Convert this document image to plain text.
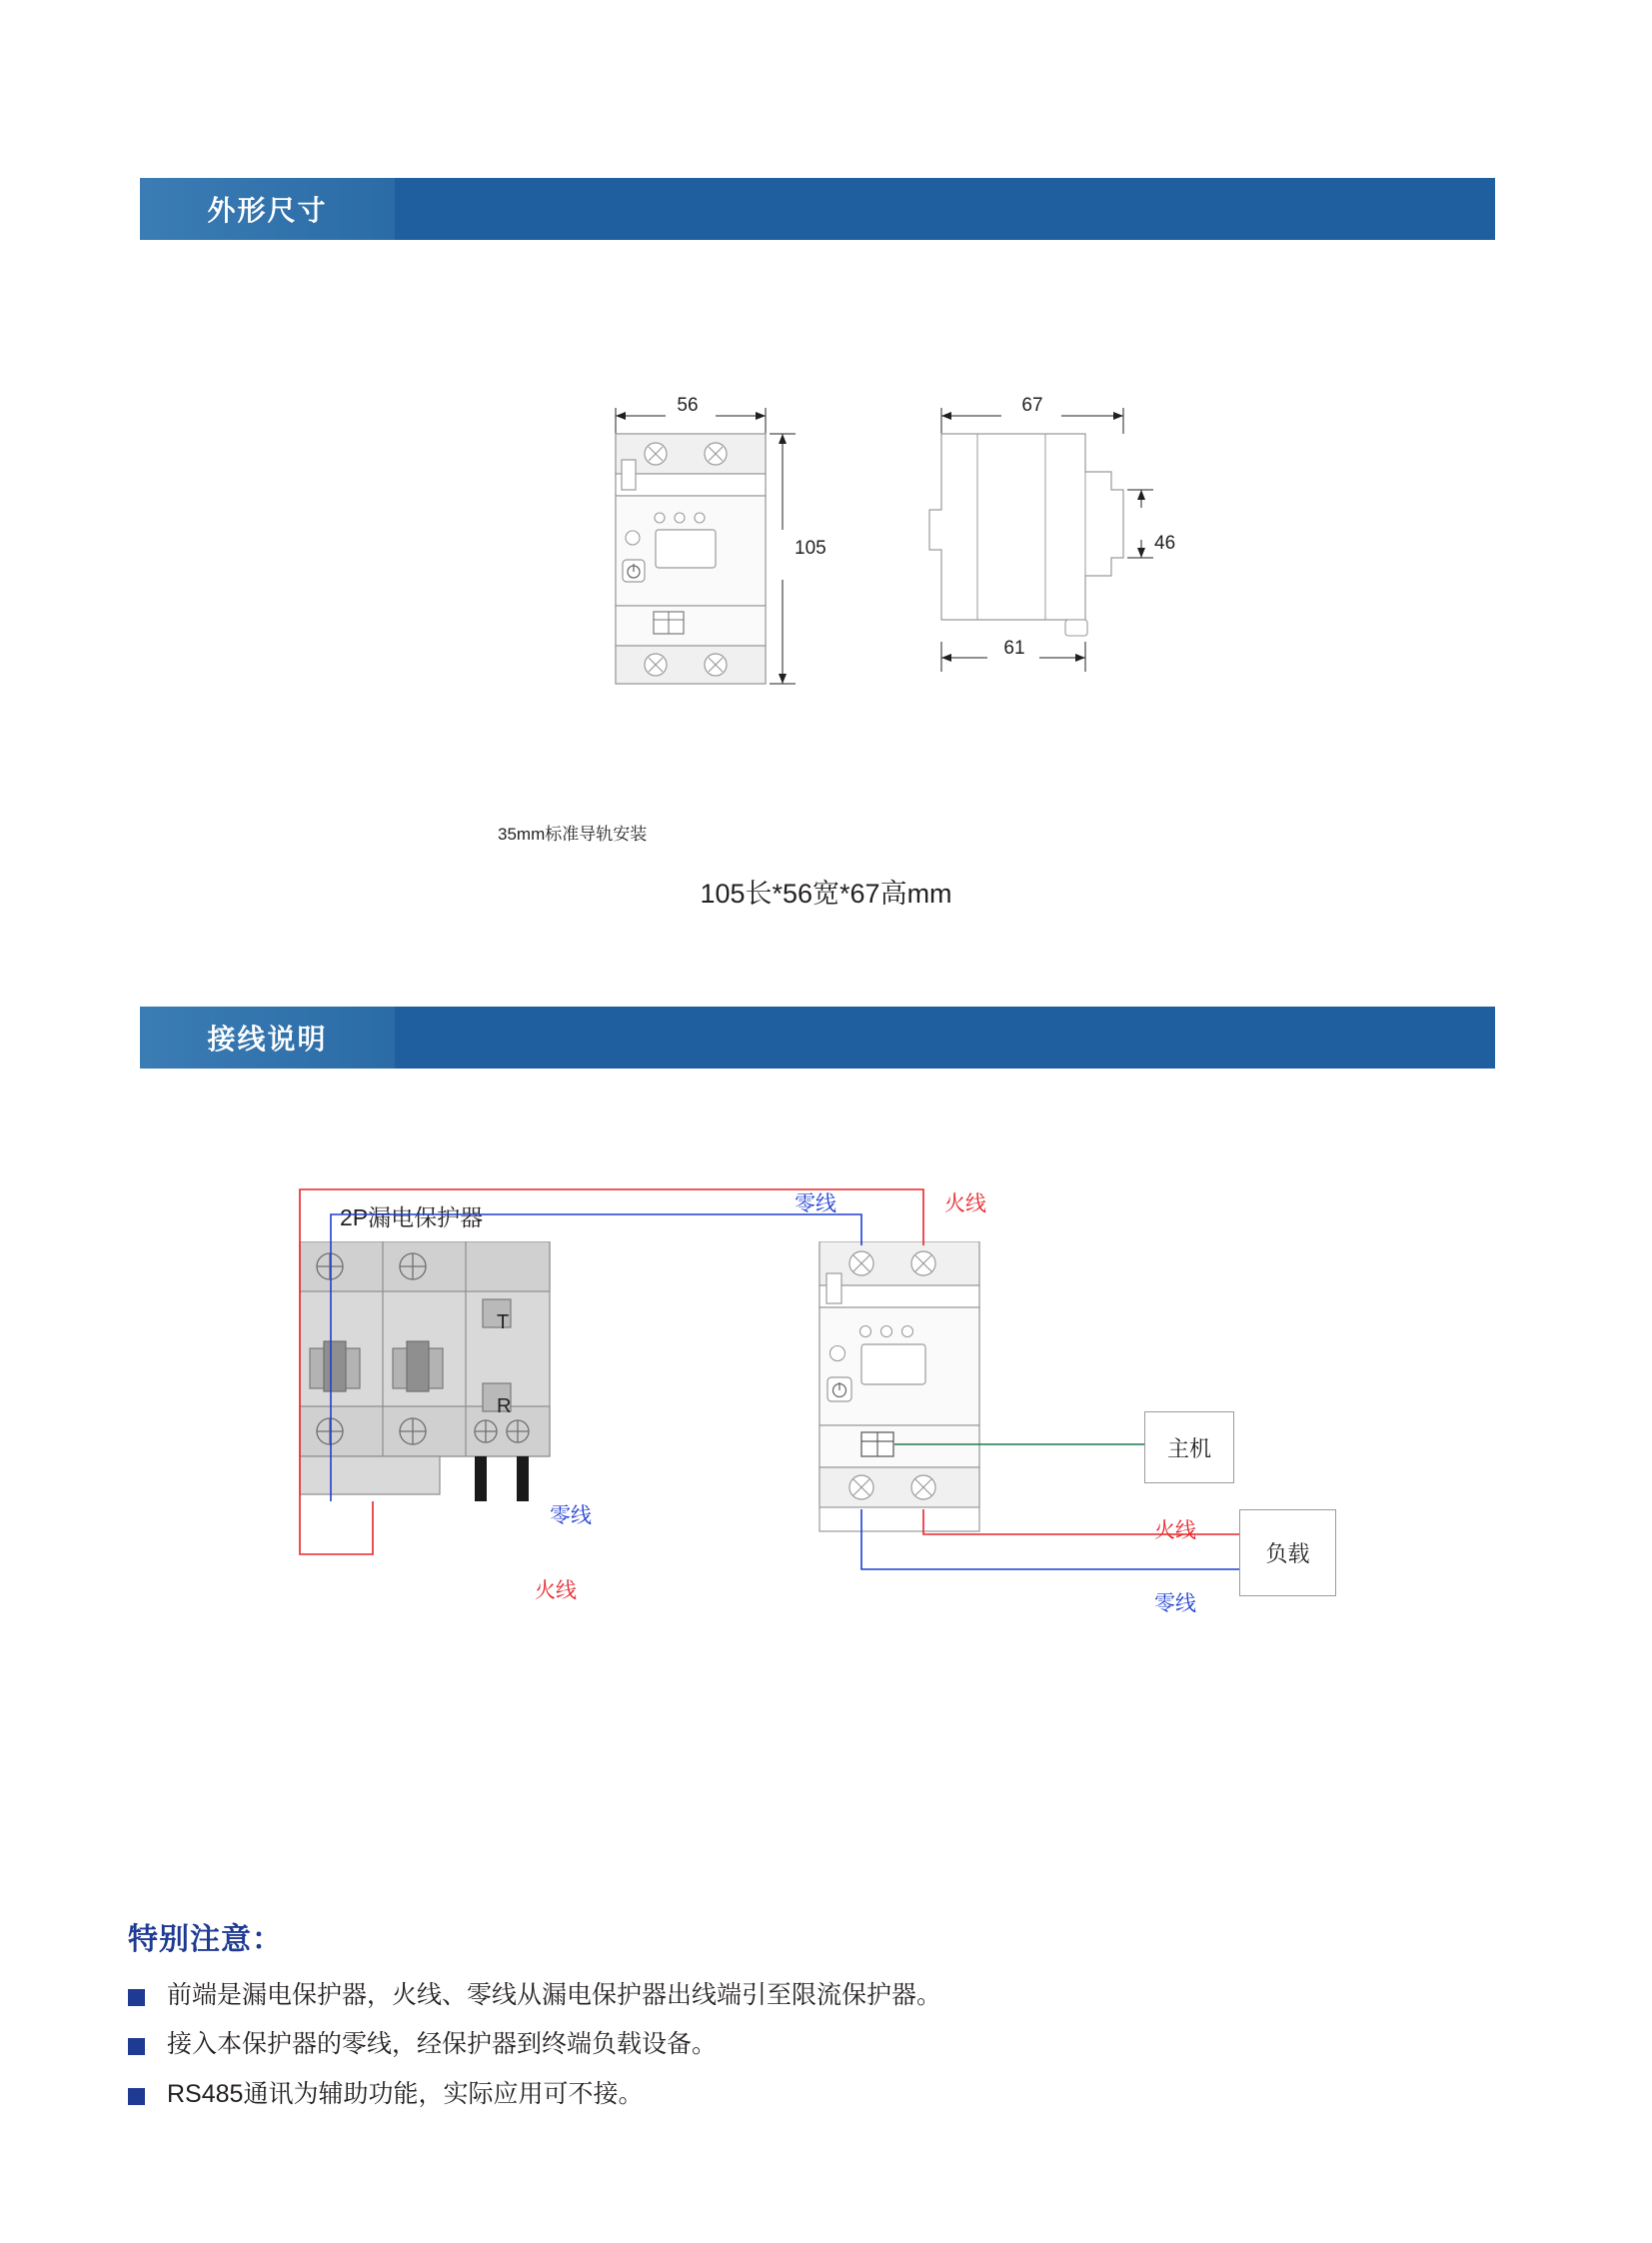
外形尺寸
56
105
35mm标准导轨安装
67
46
61
105长*56宽*67高mm
接线说明
T
R
2P漏电保护器
主机
负载
零线	火线
零线
火线
火线
零线
特别注意：
前端是漏电保护器，火线、零线从漏电保护器出线端引至限流保护器。
接入本保护器的零线，经保护器到终端负载设备。
RS485通讯为辅助功能，实际应用可不接。
